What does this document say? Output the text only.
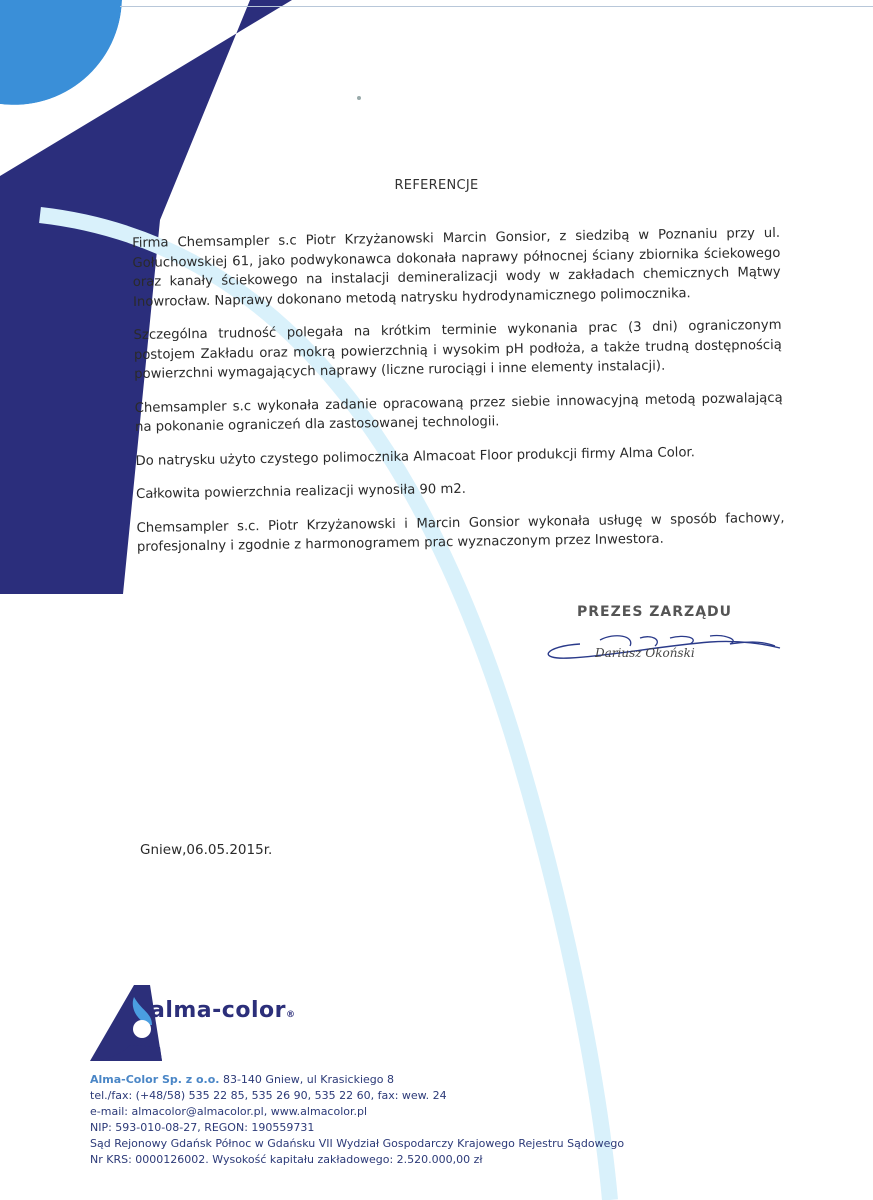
REFERENCJE

Firma Chemsampler s.c Piotr Krzyżanowski Marcin Gonsior, z siedzibą w Poznaniu przy ul. Gołuchowskiej 61, jako podwykonawca dokonała naprawy północnej ściany zbiornika ściekowego oraz kanały ściekowego na instalacji demineralizacji wody w zakładach chemicznych Mątwy Inowrocław. Naprawy dokonano metodą natrysku hydrodynamicznego polimocznika.

Szczególna trudność polegała na krótkim terminie wykonania prac (3 dni) ograniczonym postojem Zakładu oraz mokrą powierzchnią i wysokim pH podłoża, a także trudną dostępnością powierzchni wymagających naprawy (liczne rurociągi i inne elementy instalacji).

Chemsampler s.c wykonała zadanie opracowaną przez siebie innowacyjną metodą pozwalającą na pokonanie ograniczeń dla zastosowanej technologii.

Do natrysku użyto czystego polimocznika Almacoat Floor produkcji firmy Alma Color.

Całkowita powierzchnia realizacji wynosiła 90 m2.

Chemsampler s.c. Piotr Krzyżanowski i Marcin Gonsior wykonała usługę w sposób fachowy, profesjonalny i zgodnie z harmonogramem prac wyznaczonym przez Inwestora.

PREZES ZARZĄDU
Dariusz Okoński
Gniew,06.05.2015r.
alma-color®
Alma-Color Sp. z o.o. 83-140 Gniew, ul Krasickiego 8
tel./fax: (+48/58) 535 22 85, 535 26 90, 535 22 60, fax: wew. 24
e-mail: almacolor@almacolor.pl, www.almacolor.pl
NIP: 593-010-08-27, REGON: 190559731
Sąd Rejonowy Gdańsk Północ w Gdańsku VII Wydział Gospodarczy Krajowego Rejestru Sądowego
Nr KRS: 0000126002. Wysokość kapitału zakładowego: 2.520.000,00 zł
